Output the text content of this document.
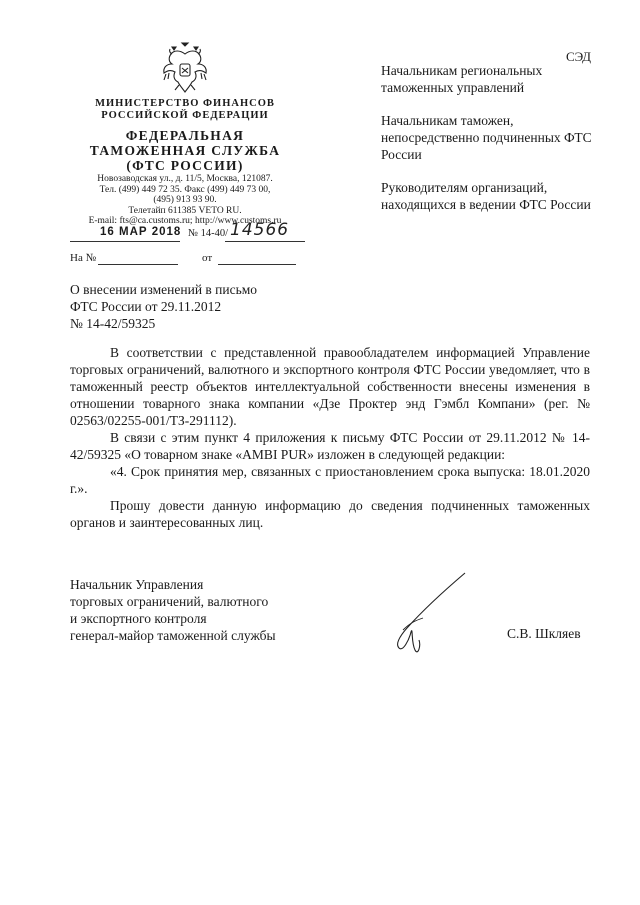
СЭД
МИНИСТЕРСТВО ФИНАНСОВ
РОССИЙСКОЙ ФЕДЕРАЦИИ
ФЕДЕРАЛЬНАЯ
ТАМОЖЕННАЯ СЛУЖБА
(ФТС РОССИИ)
Новозаводская ул., д. 11/5, Москва, 121087.
Тел. (499) 449 72 35. Факс (499) 449 73 00,
(495) 913 93 90.
Телетайп 611385 VETO RU.
E-mail: fts@ca.customs.ru; http://www.customs.ru
16 МАР 2018 № 14-40/ 14566
На №	от

Начальникам региональных таможенных управлений

Начальникам таможен, непосредственно подчиненных ФТС России

Руководителям организаций, находящихся в ведении ФТС России

О внесении изменений в письмо
ФТС России от 29.11.2012
№ 14-42/59325

В соответствии с представленной правообладателем информацией Управление торговых ограничений, валютного и экспортного контроля ФТС России уведомляет, что в таможенный реестр объектов интеллектуальной собственности внесены изменения в отношении товарного знака компании «Дзе Проктер энд Гэмбл Компани» (рег. № 02563/02255-001/ТЗ-291112).

В связи с этим пункт 4 приложения к письму ФТС России от 29.11.2012 № 14-42/59325 «О товарном знаке «AMBI PUR» изложен в следующей редакции:

«4. Срок принятия мер, связанных с приостановлением срока выпуска: 18.01.2020 г.».

Прошу довести данную информацию до сведения подчиненных таможенных органов и заинтересованных лиц.

Начальник Управления
торговых ограничений, валютного
и экспортного контроля
генерал-майор таможенной службы	С.В. Шкляев
